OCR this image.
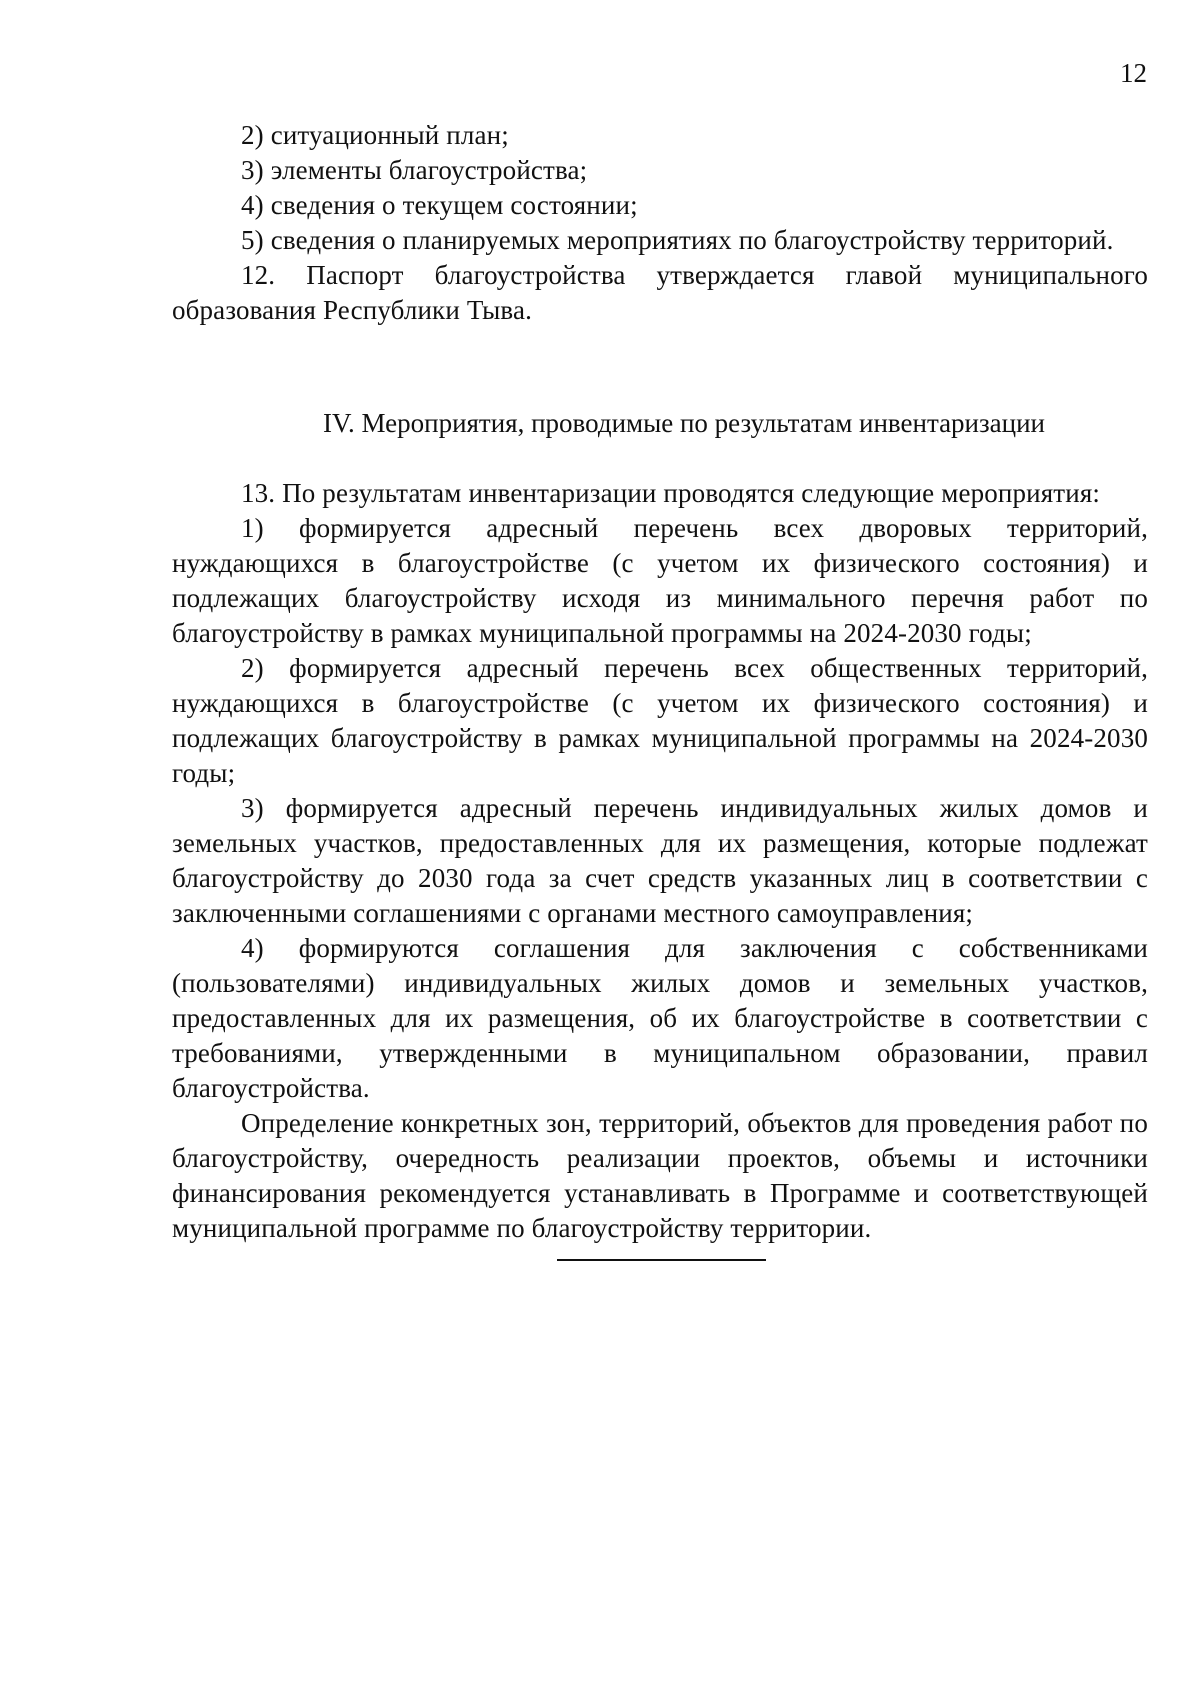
12

2) ситуационный план;

3) элементы благоустройства;

4) сведения о текущем состоянии;

5) сведения о планируемых мероприятиях по благоустройству территорий.

12. Паспорт благоустройства утверждается главой муниципального образования Республики Тыва.

IV. Мероприятия, проводимые по результатам инвентаризации

13. По результатам инвентаризации проводятся следующие мероприятия:

1) формируется адресный перечень всех дворовых территорий, нуждающихся в благоустройстве (с учетом их физического состояния) и подлежащих благоустройству исходя из минимального перечня работ по благоустройству в рамках муниципальной программы на 2024-2030 годы;

2) формируется адресный перечень всех общественных территорий, нуждающихся в благоустройстве (с учетом их физического состояния) и подлежащих благоустройству в рамках муниципальной программы на 2024-2030 годы;

3) формируется адресный перечень индивидуальных жилых домов и земельных участков, предоставленных для их размещения, которые подлежат благоустройству до 2030 года за счет средств указанных лиц в соответствии с заключенными соглашениями с органами местного самоуправления;

4) формируются соглашения для заключения с собственниками (пользователями) индивидуальных жилых домов и земельных участков, предоставленных для их размещения, об их благоустройстве в соответствии с требованиями, утвержденными в муниципальном образовании, правил благоустройства.

Определение конкретных зон, территорий, объектов для проведения работ по благоустройству, очередность реализации проектов, объемы и источники финансирования рекомендуется устанавливать в Программе и соответствующей муниципальной программе по благоустройству территории.
